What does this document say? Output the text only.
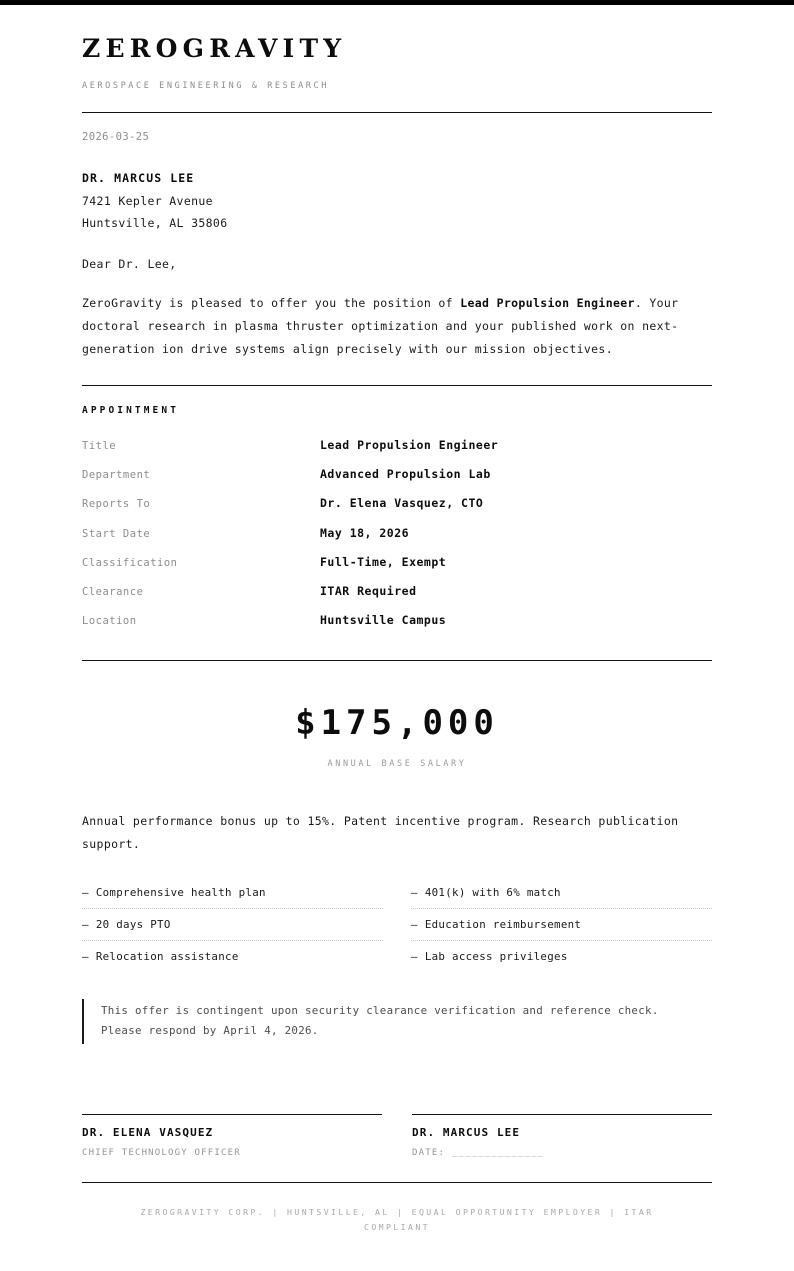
ZEROGRAVITY
AEROSPACE ENGINEERING & RESEARCH
2026-03-25
DR. MARCUS LEE
7421 Kepler Avenue
Huntsville, AL 35806
Dear Dr. Lee,

ZeroGravity is pleased to offer you the position of Lead Propulsion Engineer. Your doctoral research in plasma thruster optimization and your published work on next-generation ion drive systems align precisely with our mission objectives.

APPOINTMENT
Title	Lead Propulsion Engineer
Department	Advanced Propulsion Lab
Reports To	Dr. Elena Vasquez, CTO
Start Date	May 18, 2026
Classification	Full-Time, Exempt
Clearance	ITAR Required
Location	Huntsville Campus
$175,000
ANNUAL BASE SALARY

Annual performance bonus up to 15%. Patent incentive program. Research publication support.

— Comprehensive health plan	— 401(k) with 6% match
— 20 days PTO	— Education reimbursement
— Relocation assistance	— Lab access privileges
This offer is contingent upon security clearance verification and reference check.
Please respond by April 4, 2026.
DR. ELENA VASQUEZ
CHIEF TECHNOLOGY OFFICER
DR. MARCUS LEE
DATE: ______________
ZEROGRAVITY CORP. | HUNTSVILLE, AL | EQUAL OPPORTUNITY EMPLOYER | ITAR COMPLIANT
